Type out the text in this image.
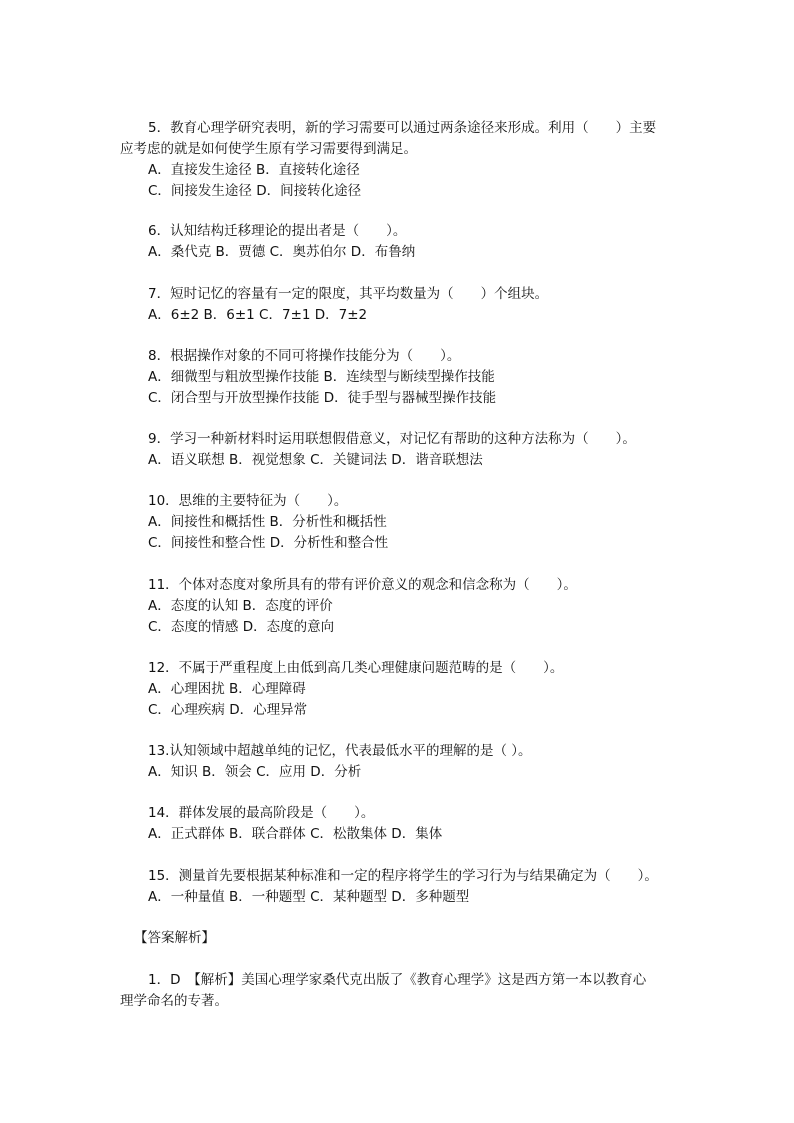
5．教育心理学研究表明，新的学习需要可以通过两条途径来形成。利用（　　）主要
应考虑的就是如何使学生原有学习需要得到满足。
A．直接发生途径 B．直接转化途径
C．间接发生途径 D．间接转化途径
6．认知结构迁移理论的提出者是（　　）。
A．桑代克 B．贾德 C．奥苏伯尔 D．布鲁纳
7．短时记忆的容量有一定的限度，其平均数量为（　　）个组块。
A．6±2 B．6±1 C．7±1 D．7±2
8．根据操作对象的不同可将操作技能分为（　　）。
A．细微型与粗放型操作技能 B．连续型与断续型操作技能
C．闭合型与开放型操作技能 D．徒手型与器械型操作技能
9．学习一种新材料时运用联想假借意义，对记忆有帮助的这种方法称为（　　）。
A．语义联想 B．视觉想象 C．关键词法 D．谐音联想法
10．思维的主要特征为（　　）。
A．间接性和概括性 B．分析性和概括性
C．间接性和整合性 D．分析性和整合性
11．个体对态度对象所具有的带有评价意义的观念和信念称为（　　）。
A．态度的认知 B．态度的评价
C．态度的情感 D．态度的意向
12．不属于严重程度上由低到高几类心理健康问题范畴的是（　　）。
A．心理困扰 B．心理障碍
C．心理疾病 D．心理异常
13.认知领域中超越单纯的记忆，代表最低水平的理解的是（ ）。
A．知识 B．领会 C．应用 D．分析
14．群体发展的最高阶段是（　　）。
A．正式群体 B．联合群体 C．松散集体 D．集体
15．测量首先要根据某种标准和一定的程序将学生的学习行为与结果确定为（　　）。
A．一种量值 B．一种题型 C．某种题型 D．多种题型
【答案解析】
1．D　【解析】美国心理学家桑代克出版了《教育心理学》这是西方第一本以教育心
理学命名的专著。
